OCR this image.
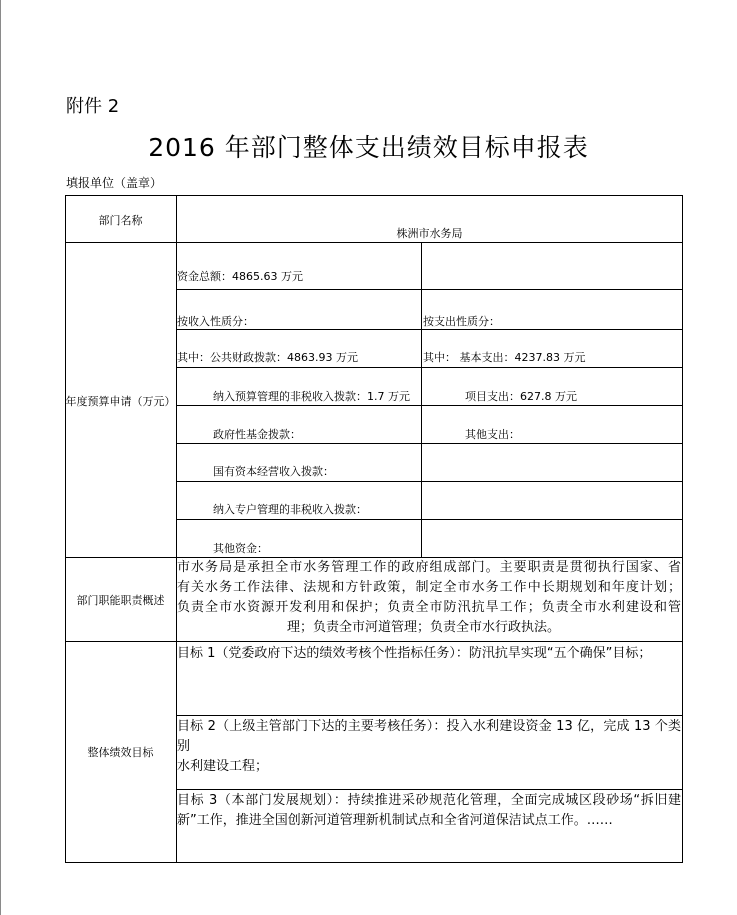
附件 2
2016 年部门整体支出绩效目标申报表
填报单位（盖章）
部门名称
株洲市水务局
年度预算申请（万元）
资金总额：4865.63 万元
按收入性质分：	按支出性质分：
其中：公共财政拨款：4863.93 万元	其中： 基本支出：4237.83 万元
纳入预算管理的非税收入拨款：1.7 万元	项目支出：627.8 万元
政府性基金拨款：	其他支出：
国有资本经营收入拨款：
纳入专户管理的非税收入拨款：
其他资金：
部门职能职责概述
市水务局是承担全市水务管理工作的政府组成部门。主要职责是贯彻执行国家、省
有关水务工作法律、法规和方针政策，制定全市水务工作中长期规划和年度计划；
负责全市水资源开发利用和保护；负责全市防汛抗旱工作；负责全市水利建设和管
理；负责全市河道管理；负责全市水行政执法。
整体绩效目标
目标 1（党委政府下达的绩效考核个性指标任务）：防汛抗旱实现“五个确保”目标；
目标 2（上级主管部门下达的主要考核任务）：投入水利建设资金 13 亿，完成 13 个类别
水利建设工程；
目标 3（本部门发展规划）：持续推进采砂规范化管理，全面完成城区段砂场“拆旧建
新”工作，推进全国创新河道管理新机制试点和全省河道保洁试点工作。……
